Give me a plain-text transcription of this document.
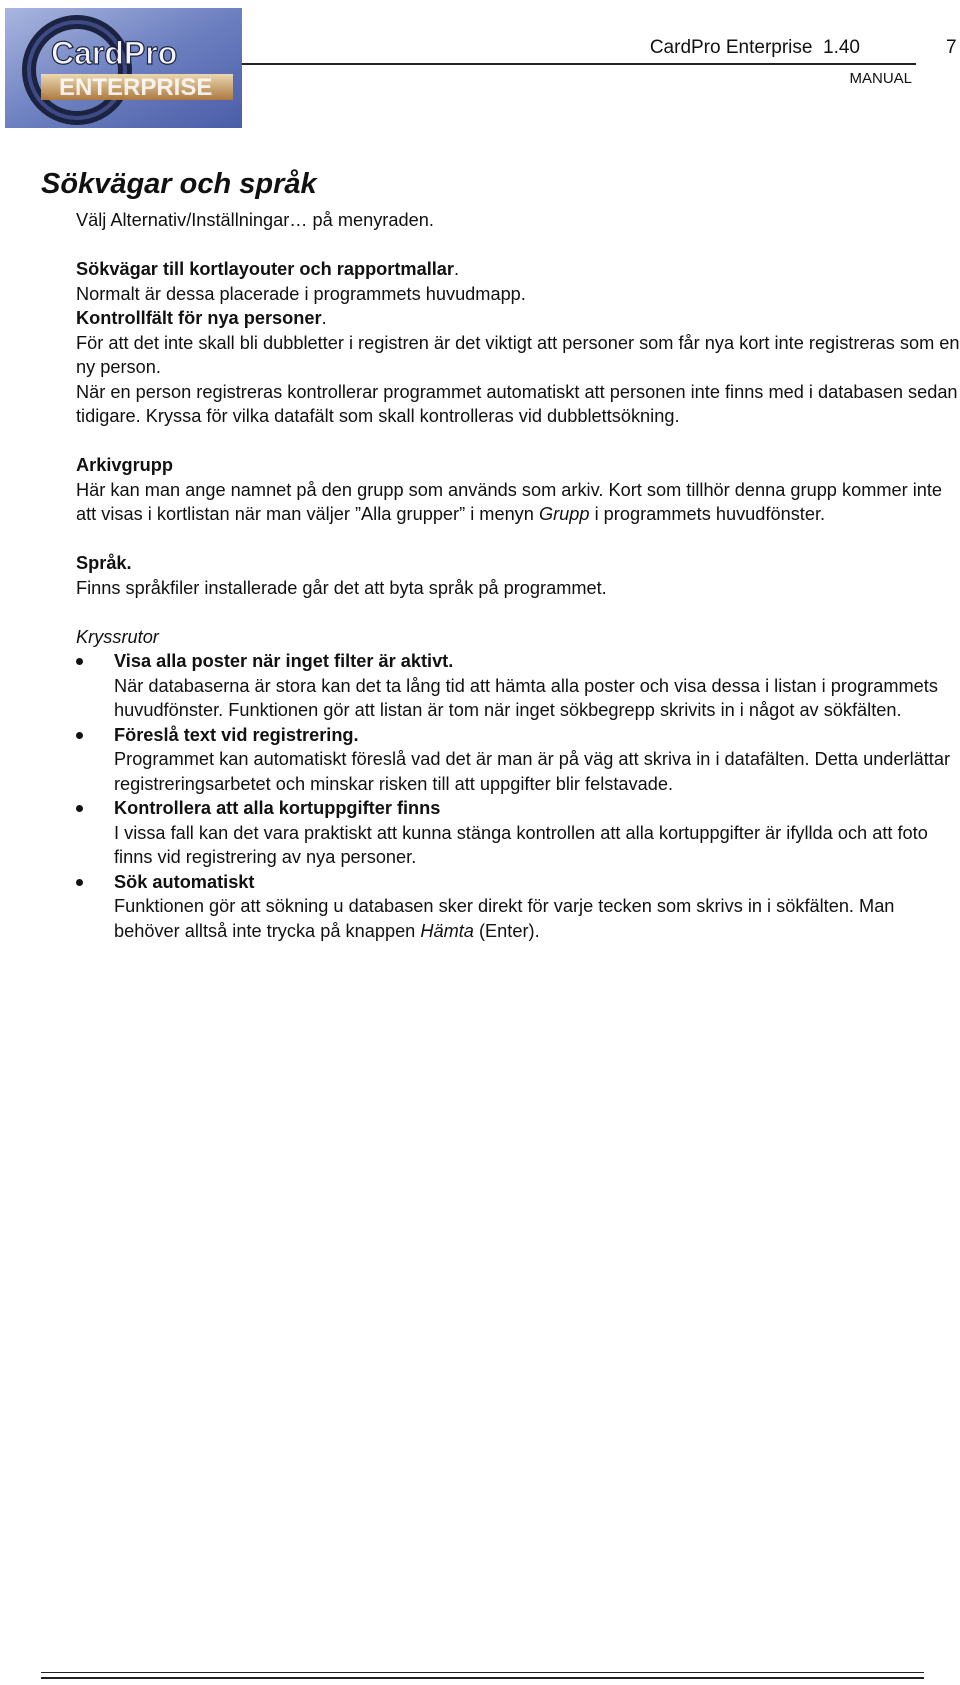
CardPro
ENTERPRISE
CardPro Enterprise  1.40	7
MANUAL
Sökvägar och språk

Välj Alternativ/Inställningar… på menyraden.

Sökvägar till kortlayouter och rapportmallar.

Normalt är dessa placerade i programmets huvudmapp.

Kontrollfält för nya personer.

För att det inte skall bli dubbletter i registren är det viktigt att personer som får nya kort inte registreras som en ny person.

När en person registreras kontrollerar programmet automatiskt att personen inte finns med i databasen sedan tidigare. Kryssa för vilka datafält som skall kontrolleras vid dubblettsökning.

Arkivgrupp

Här kan man ange namnet på den grupp som används som arkiv. Kort som tillhör denna grupp kommer inte att visas i kortlistan när man väljer ”Alla grupper” i menyn Grupp i programmets huvudfönster.

Språk.

Finns språkfiler installerade går det att byta språk på programmet.

Kryssrutor

Visa alla poster när inget filter är aktivt.

När databaserna är stora kan det ta lång tid att hämta alla poster och visa dessa i listan i programmets huvudfönster. Funktionen gör att listan är tom när inget sökbegrepp skrivits in i något av sökfälten.

Föreslå text vid registrering.

Programmet kan automatiskt föreslå vad det är man är på väg att skriva in i datafälten. Detta underlättar registreringsarbetet och minskar risken till att uppgifter blir felstavade.

Kontrollera att alla kortuppgifter finns

I vissa fall kan det vara praktiskt att kunna stänga kontrollen att alla kortuppgifter är ifyllda och att foto finns vid registrering av nya personer.

Sök automatiskt

Funktionen gör att sökning u databasen sker direkt för varje tecken som skrivs in i sökfälten. Man behöver alltså inte trycka på knappen Hämta (Enter).
